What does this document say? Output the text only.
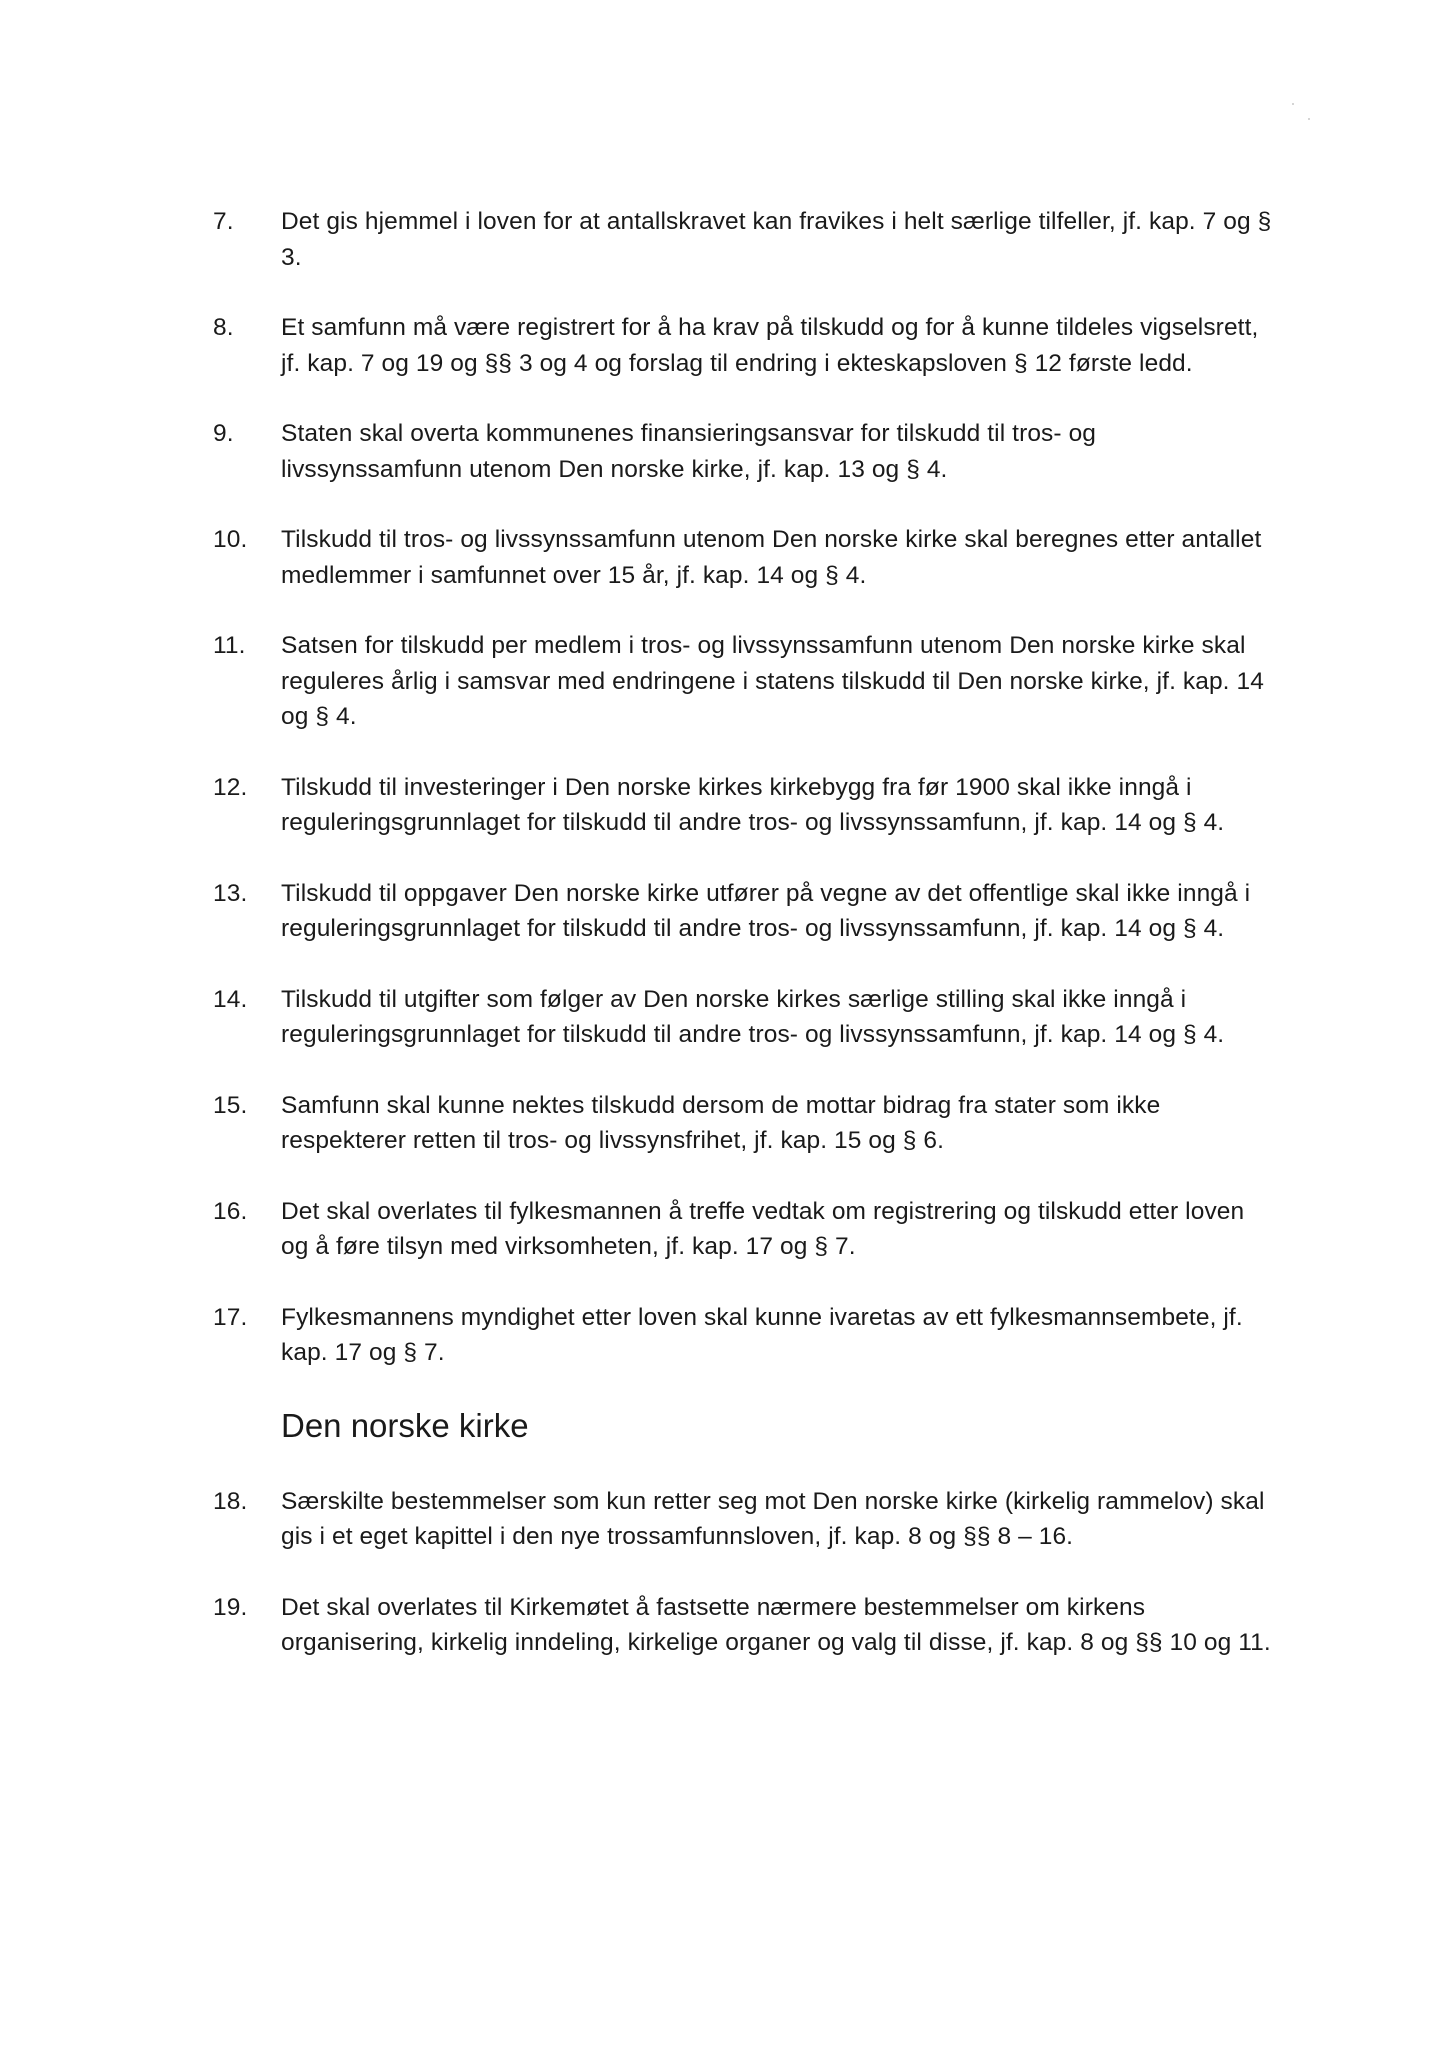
7.	Det gis hjemmel i loven for at antallskravet kan fravikes i helt særlige tilfeller, jf. kap. 7 og § 3.
8.	Et samfunn må være registrert for å ha krav på tilskudd og for å kunne tildeles vigselsrett, jf. kap. 7 og 19 og §§ 3 og 4 og forslag til endring i ekteskapsloven § 12 første ledd.
9.	Staten skal overta kommunenes finansieringsansvar for tilskudd til tros- og livssynssamfunn utenom Den norske kirke, jf. kap. 13 og § 4.
10.	Tilskudd til tros- og livssynssamfunn utenom Den norske kirke skal beregnes etter antallet medlemmer i samfunnet over 15 år, jf. kap. 14 og § 4.
11.	Satsen for tilskudd per medlem i tros- og livssynssamfunn utenom Den norske kirke skal reguleres årlig i samsvar med endringene i statens tilskudd til Den norske kirke, jf. kap. 14 og § 4.
12.	Tilskudd til investeringer i Den norske kirkes kirkebygg fra før 1900 skal ikke inngå i reguleringsgrunnlaget for tilskudd til andre tros- og livssynssamfunn, jf. kap. 14 og § 4.
13.	Tilskudd til oppgaver Den norske kirke utfører på vegne av det offentlige skal ikke inngå i reguleringsgrunnlaget for tilskudd til andre tros- og livssynssamfunn, jf. kap. 14 og § 4.
14.	Tilskudd til utgifter som følger av Den norske kirkes særlige stilling skal ikke inngå i reguleringsgrunnlaget for tilskudd til andre tros- og livssynssamfunn, jf. kap. 14 og § 4.
15.	Samfunn skal kunne nektes tilskudd dersom de mottar bidrag fra stater som ikke respekterer retten til tros- og livssynsfrihet, jf. kap. 15 og § 6.
16.	Det skal overlates til fylkesmannen å treffe vedtak om registrering og tilskudd etter loven og å føre tilsyn med virksomheten, jf. kap. 17 og § 7.
17.	Fylkesmannens myndighet etter loven skal kunne ivaretas av ett fylkesmannsembete, jf. kap. 17 og § 7.
Den norske kirke
18.	Særskilte bestemmelser som kun retter seg mot Den norske kirke (kirkelig rammelov) skal gis i et eget kapittel i den nye trossamfunnsloven, jf. kap. 8 og §§ 8 – 16.
19.	Det skal overlates til Kirkemøtet å fastsette nærmere bestemmelser om kirkens organisering, kirkelig inndeling, kirkelige organer og valg til disse, jf. kap. 8 og §§ 10 og 11.
